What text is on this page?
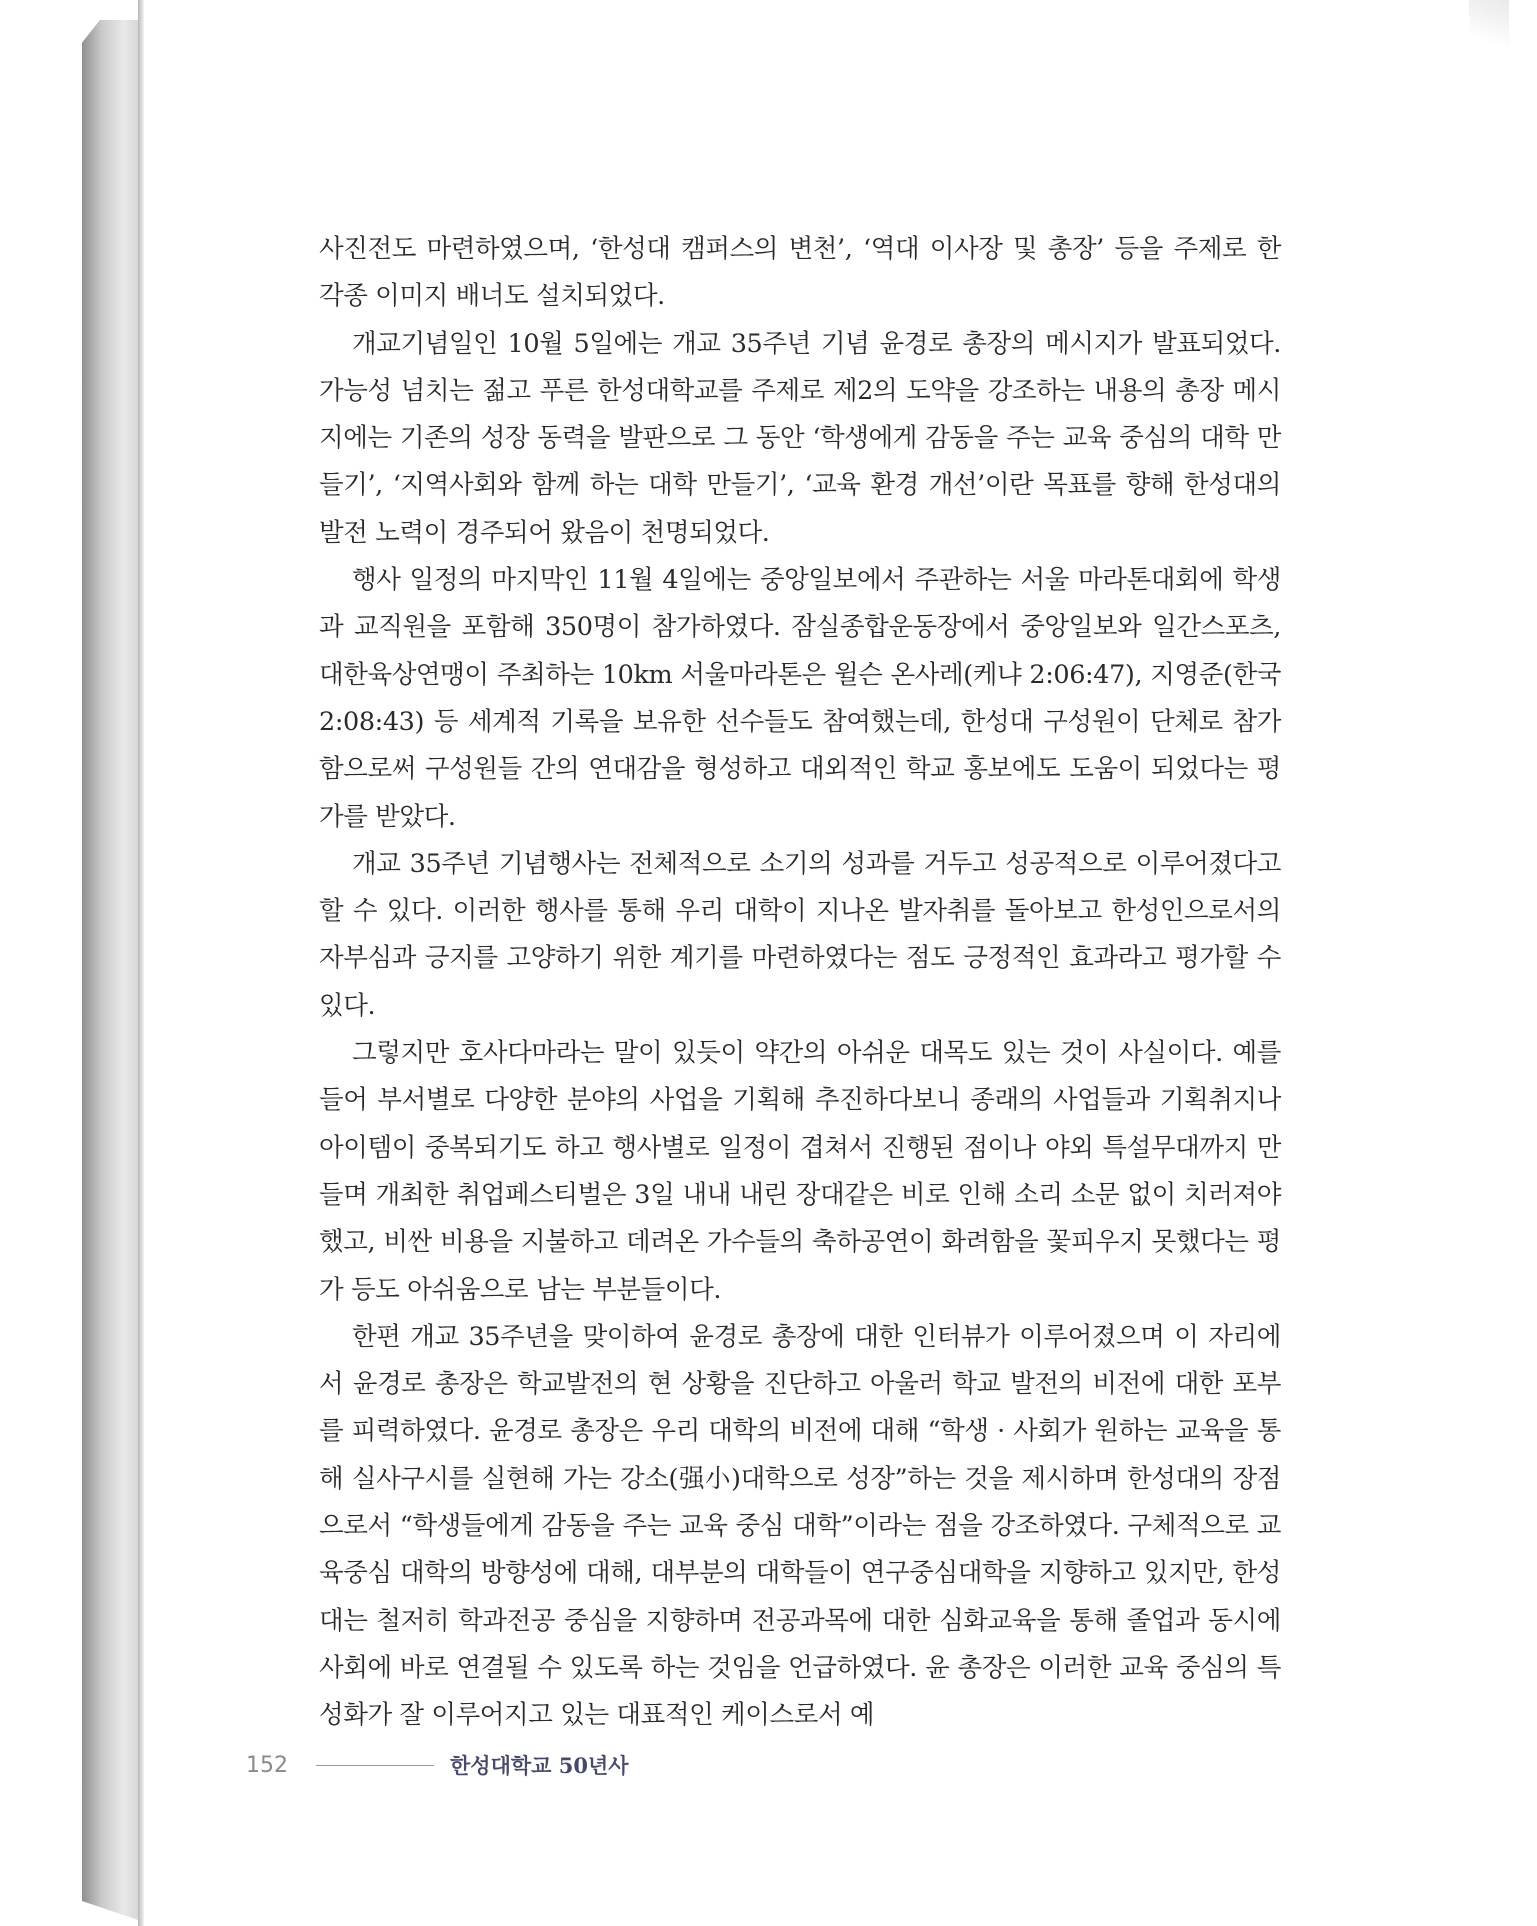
사진전도 마련하였으며, ‘한성대 캠퍼스의 변천’, ‘역대 이사장 및 총장’ 등을 주제로 한 각종 이미지 배너도 설치되었다.

개교기념일인 10월 5일에는 개교 35주년 기념 윤경로 총장의 메시지가 발표되었다. 가능성 넘치는 젊고 푸른 한성대학교를 주제로 제2의 도약을 강조하는 내용의 총장 메시지에는 기존의 성장 동력을 발판으로 그 동안 ‘학생에게 감동을 주는 교육 중심의 대학 만들기’, ‘지역사회와 함께 하는 대학 만들기’, ‘교육 환경 개선’이란 목표를 향해 한성대의 발전 노력이 경주되어 왔음이 천명되었다.

행사 일정의 마지막인 11월 4일에는 중앙일보에서 주관하는 서울 마라톤대회에 학생과 교직원을 포함해 350명이 참가하였다. 잠실종합운동장에서 중앙일보와 일간스포츠, 대한육상연맹이 주최하는 10km 서울마라톤은 윌슨 온사레(케냐 2:06:47), 지영준(한국 2:08:43) 등 세계적 기록을 보유한 선수들도 참여했는데, 한성대 구성원이 단체로 참가함으로써 구성원들 간의 연대감을 형성하고 대외적인 학교 홍보에도 도움이 되었다는 평가를 받았다.

개교 35주년 기념행사는 전체적으로 소기의 성과를 거두고 성공적으로 이루어졌다고 할 수 있다. 이러한 행사를 통해 우리 대학이 지나온 발자취를 돌아보고 한성인으로서의 자부심과 긍지를 고양하기 위한 계기를 마련하였다는 점도 긍정적인 효과라고 평가할 수 있다.

그렇지만 호사다마라는 말이 있듯이 약간의 아쉬운 대목도 있는 것이 사실이다. 예를 들어 부서별로 다양한 분야의 사업을 기획해 추진하다보니 종래의 사업들과 기획취지나 아이템이 중복되기도 하고 행사별로 일정이 겹쳐서 진행된 점이나 야외 특설무대까지 만들며 개최한 취업페스티벌은 3일 내내 내린 장대같은 비로 인해 소리 소문 없이 치러져야 했고, 비싼 비용을 지불하고 데려온 가수들의 축하공연이 화려함을 꽃피우지 못했다는 평가 등도 아쉬움으로 남는 부분들이다.

한편 개교 35주년을 맞이하여 윤경로 총장에 대한 인터뷰가 이루어졌으며 이 자리에서 윤경로 총장은 학교발전의 현 상황을 진단하고 아울러 학교 발전의 비전에 대한 포부를 피력하였다. 윤경로 총장은 우리 대학의 비전에 대해 “학생 · 사회가 원하는 교육을 통해 실사구시를 실현해 가는 강소(强小)대학으로 성장”하는 것을 제시하며 한성대의 장점으로서 “학생들에게 감동을 주는 교육 중심 대학”이라는 점을 강조하였다. 구체적으로 교육중심 대학의 방향성에 대해, 대부분의 대학들이 연구중심대학을 지향하고 있지만, 한성대는 철저히 학과전공 중심을 지향하며 전공과목에 대한 심화교육을 통해 졸업과 동시에 사회에 바로 연결될 수 있도록 하는 것임을 언급하였다. 윤 총장은 이러한 교육 중심의 특성화가 잘 이루어지고 있는 대표적인 케이스로서 예

152	한성대학교 50년사
